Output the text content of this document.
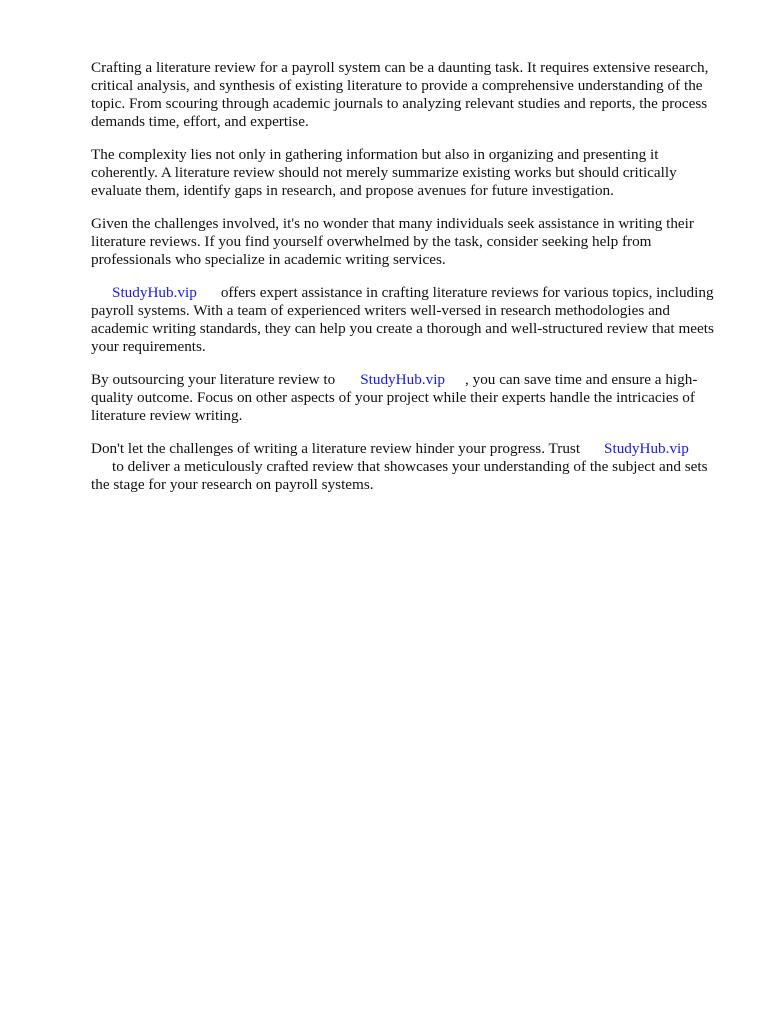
Crafting a literature review for a payroll system can be a daunting task. It requires extensive research, critical analysis, and synthesis of existing literature to provide a comprehensive understanding of the topic. From scouring through academic journals to analyzing relevant studies and reports, the process demands time, effort, and expertise.

The complexity lies not only in gathering information but also in organizing and presenting it coherently. A literature review should not merely summarize existing works but should critically evaluate them, identify gaps in research, and propose avenues for future investigation.

Given the challenges involved, it's no wonder that many individuals seek assistance in writing their literature reviews. If you find yourself overwhelmed by the task, consider seeking help from professionals who specialize in academic writing services.

StudyHub.vip offers expert assistance in crafting literature reviews for various topics, including payroll systems. With a team of experienced writers well-versed in research methodologies and academic writing standards, they can help you create a thorough and well-structured review that meets your requirements.

By outsourcing your literature review to StudyHub.vip , you can save time and ensure a high-quality outcome. Focus on other aspects of your project while their experts handle the intricacies of literature review writing.

Don't let the challenges of writing a literature review hinder your progress. Trust StudyHub.vip
to deliver a meticulously crafted review that showcases your understanding of the subject and sets the stage for your research on payroll systems.
